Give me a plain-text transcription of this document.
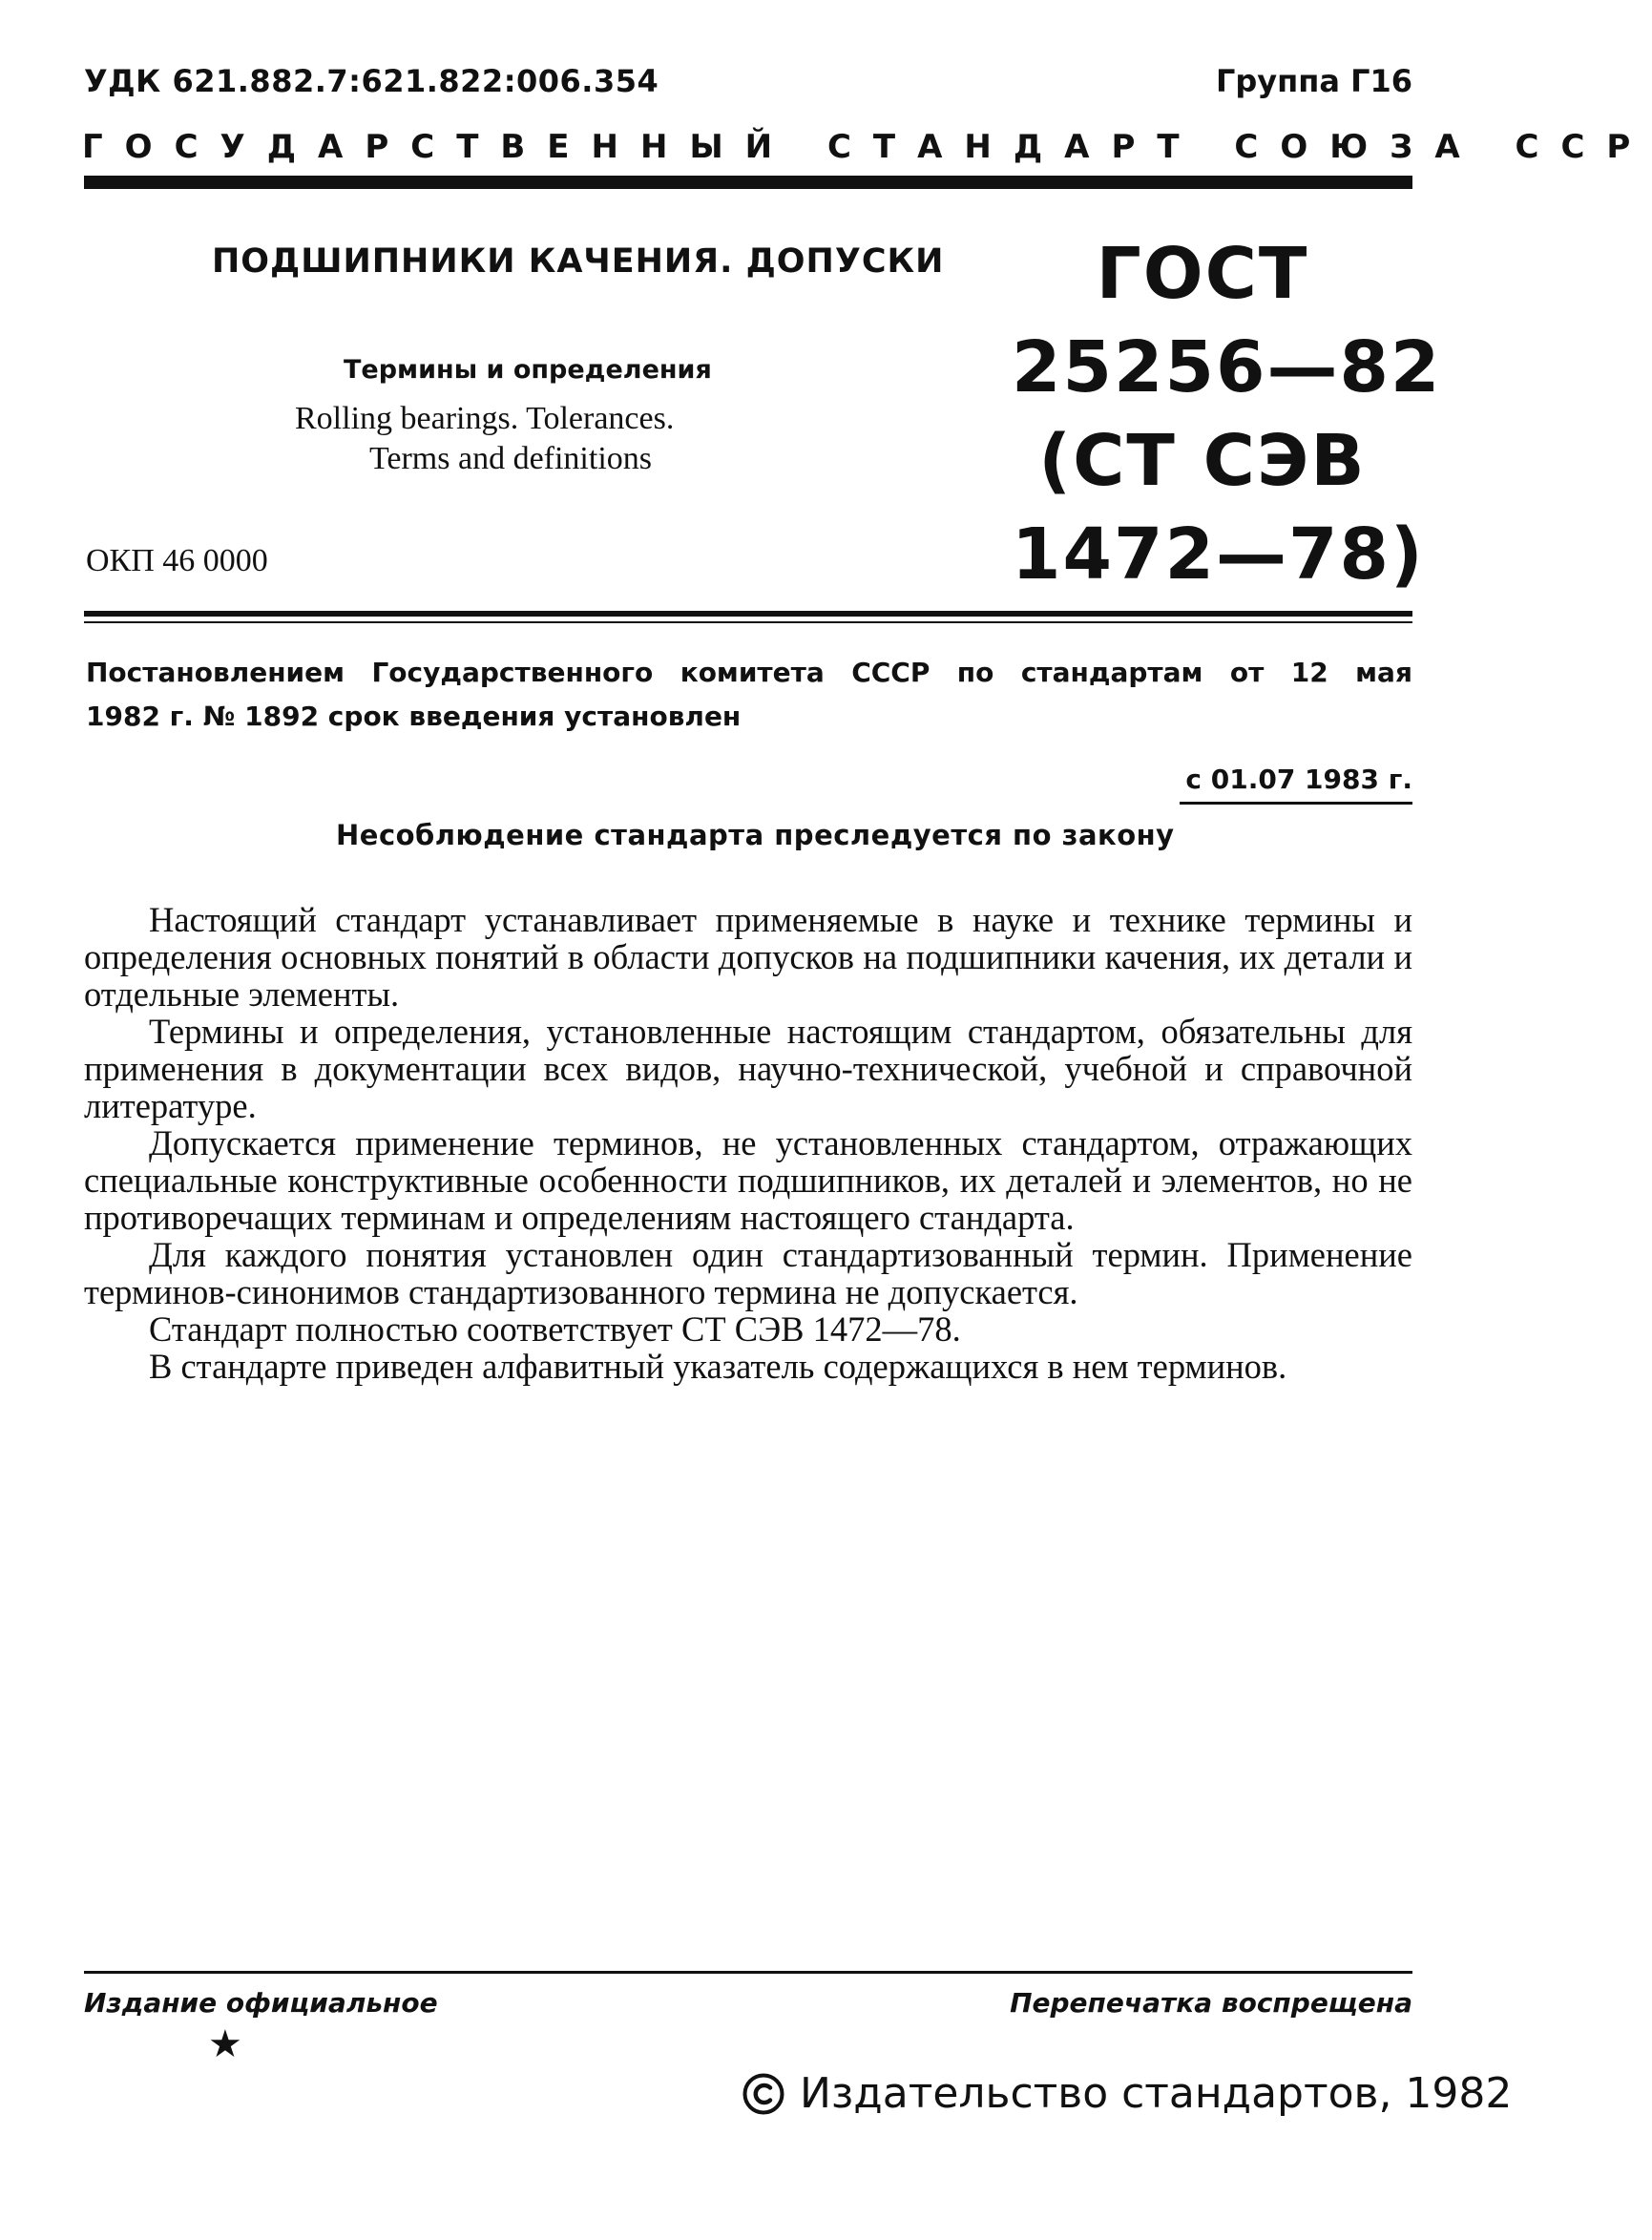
УДК 621.882.7:621.822:006.354	Группа Г16
ГОСУДАРСТВЕННЫЙ СТАНДАРТ СОЮЗА ССР
ПОДШИПНИКИ КАЧЕНИЯ. ДОПУСКИ
Термины и определения
Rolling bearings. Tolerances.
Terms and definitions
ОКП 46 0000
ГОСТ
25256—82
(СТ СЭВ
1472—78)
Постановлением Государственного комитета СССР по стандартам от 12 мая
1982 г. № 1892 срок введения установлен
с 01.07 1983 г.
Несоблюдение стандарта преследуется по закону

Настоящий стандарт устанавливает применяемые в науке и технике термины и определения основных понятий в области допусков на подшипники качения, их детали и отдельные элементы.

Термины и определения, установленные настоящим стандартом, обязательны для применения в документации всех видов, научно-технической, учебной и справочной литературе.

Допускается применение терминов, не установленных стандартом, отражающих специальные конструктивные особенности подшипников, их деталей и элементов, но не противоречащих терминам и определениям настоящего стандарта.

Для каждого понятия установлен один стандартизованный термин. Применение терминов-синонимов стандартизованного термина не допускается.

Стандарт полностью соответствует СТ СЭВ 1472—78.

В стандарте приведен алфавитный указатель содержащихся в нем терминов.

Издание официальное	Перепечатка воспрещена
★
Издательство стандартов, 1982
